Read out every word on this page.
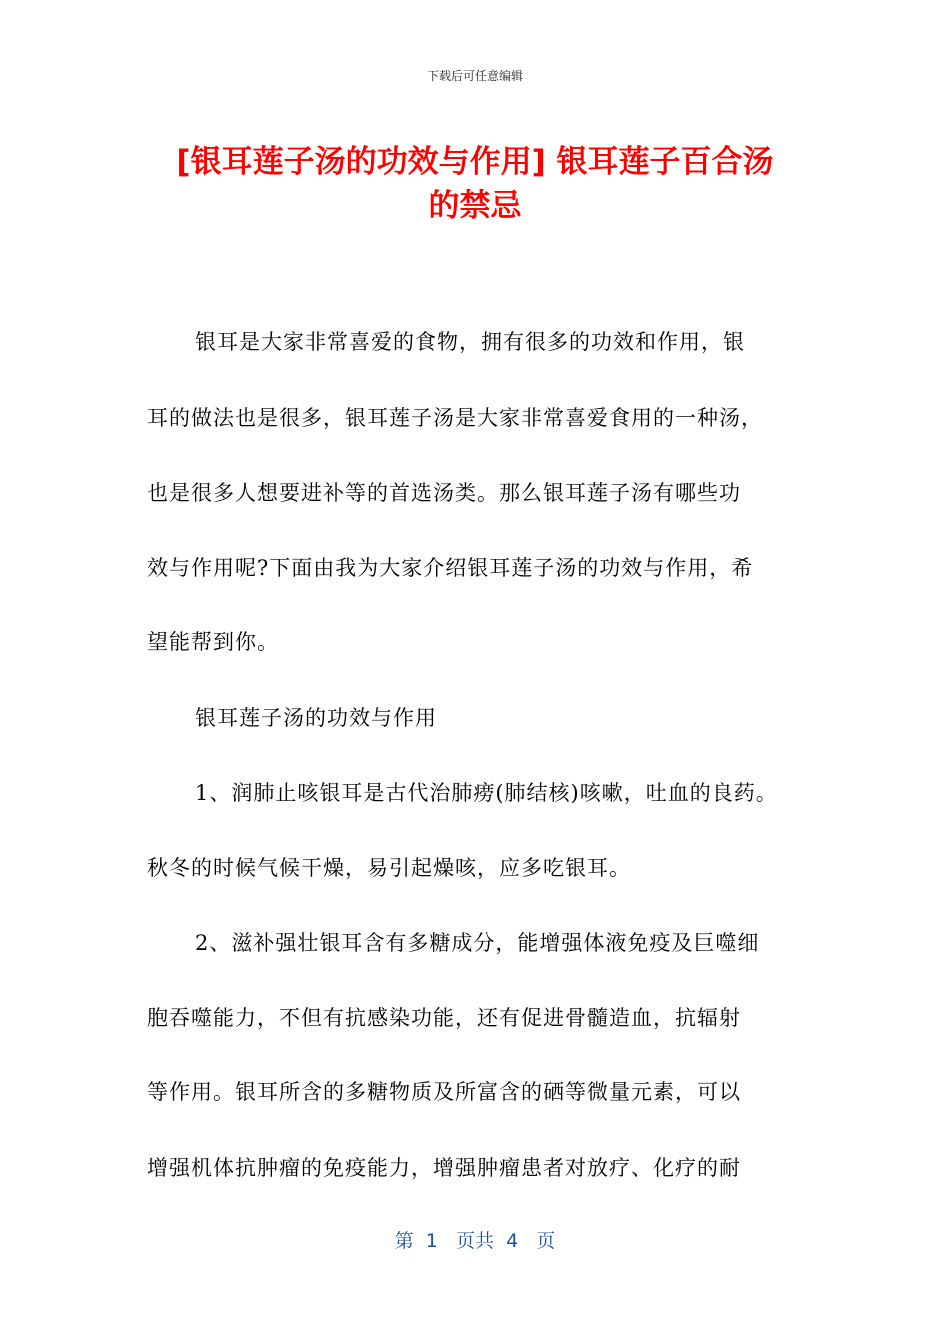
下载后可任意编辑
[银耳莲子汤的功效与作用] 银耳莲子百合汤
的禁忌
银耳是大家非常喜爱的食物，拥有很多的功效和作用，银
耳的做法也是很多，银耳莲子汤是大家非常喜爱食用的一种汤，
也是很多人想要进补等的首选汤类。那么银耳莲子汤有哪些功
效与作用呢?下面由我为大家介绍银耳莲子汤的功效与作用，希
望能帮到你。
银耳莲子汤的功效与作用
1、润肺止咳银耳是古代治肺痨(肺结核)咳嗽，吐血的良药。
秋冬的时候气候干燥，易引起燥咳，应多吃银耳。
2、滋补强壮银耳含有多糖成分，能增强体液免疫及巨噬细
胞吞噬能力，不但有抗感染功能，还有促进骨髓造血，抗辐射
等作用。银耳所含的多糖物质及所富含的硒等微量元素，可以
增强机体抗肿瘤的免疫能力，增强肿瘤患者对放疗、化疗的耐
第  1   页共  4   页
